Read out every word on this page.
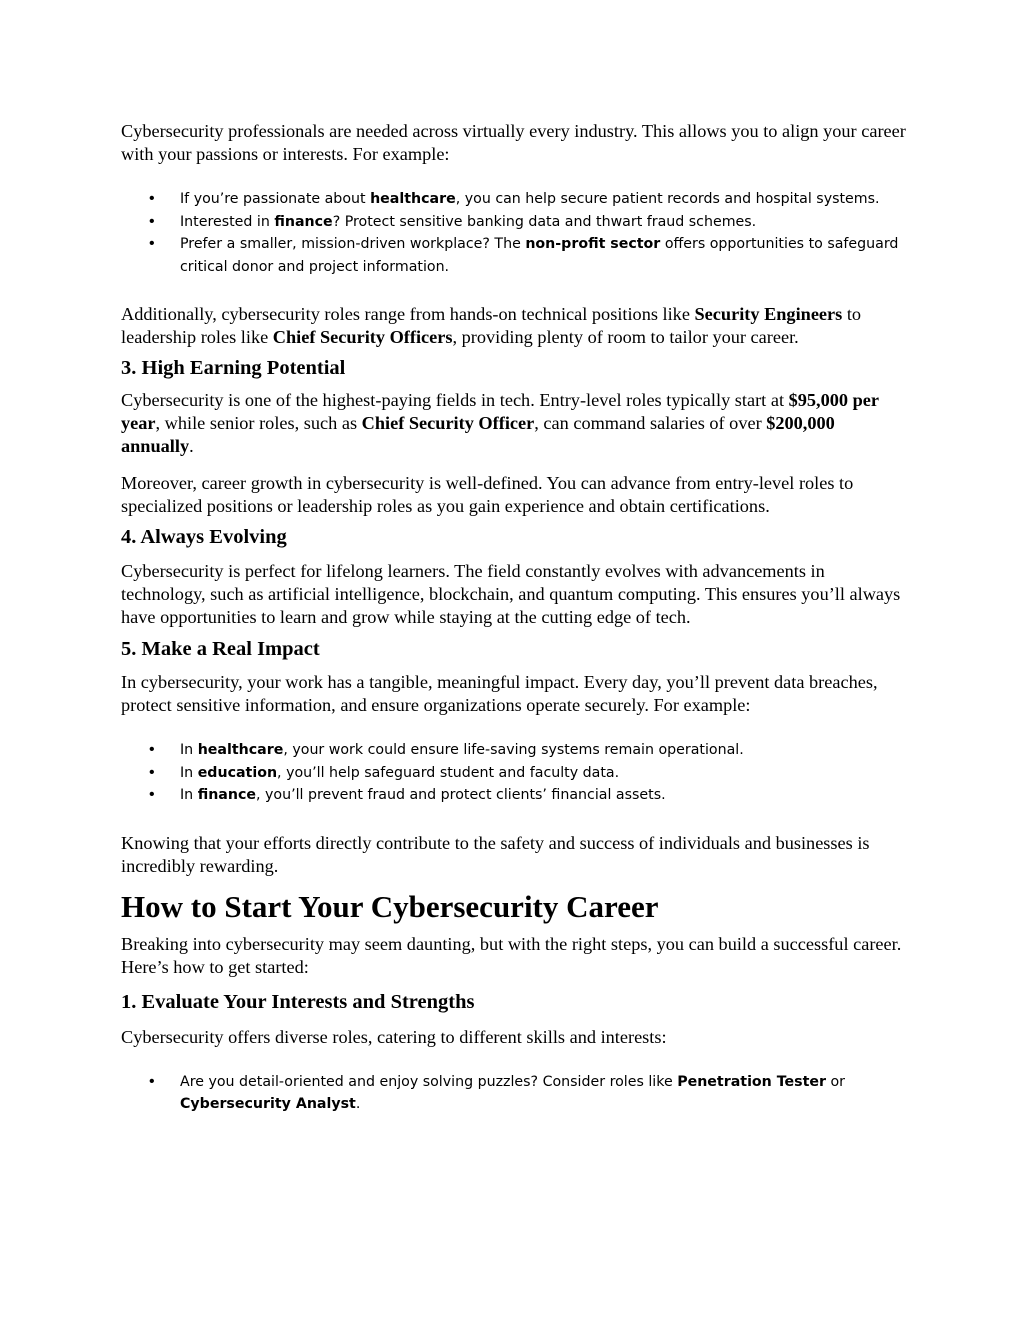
Cybersecurity professionals are needed across virtually every industry. This allows you to align your career with your passions or interests. For example:

• If you’re passionate about healthcare, you can help secure patient records and hospital systems.
• Interested in finance? Protect sensitive banking data and thwart fraud schemes.
• Prefer a smaller, mission-driven workplace? The non-profit sector offers opportunities to safeguard critical donor and project information.

Additionally, cybersecurity roles range from hands-on technical positions like Security Engineers to leadership roles like Chief Security Officers, providing plenty of room to tailor your career.

3. High Earning Potential

Cybersecurity is one of the highest-paying fields in tech. Entry-level roles typically start at $95,000 per year, while senior roles, such as Chief Security Officer, can command salaries of over $200,000 annually.

Moreover, career growth in cybersecurity is well-defined. You can advance from entry-level roles to specialized positions or leadership roles as you gain experience and obtain certifications.

4. Always Evolving

Cybersecurity is perfect for lifelong learners. The field constantly evolves with advancements in technology, such as artificial intelligence, blockchain, and quantum computing. This ensures you’ll always have opportunities to learn and grow while staying at the cutting edge of tech.

5. Make a Real Impact

In cybersecurity, your work has a tangible, meaningful impact. Every day, you’ll prevent data breaches, protect sensitive information, and ensure organizations operate securely. For example:

• In healthcare, your work could ensure life-saving systems remain operational.
• In education, you’ll help safeguard student and faculty data.
• In finance, you’ll prevent fraud and protect clients’ financial assets.

Knowing that your efforts directly contribute to the safety and success of individuals and businesses is incredibly rewarding.

How to Start Your Cybersecurity Career

Breaking into cybersecurity may seem daunting, but with the right steps, you can build a successful career. Here’s how to get started:

1. Evaluate Your Interests and Strengths

Cybersecurity offers diverse roles, catering to different skills and interests:

• Are you detail-oriented and enjoy solving puzzles? Consider roles like Penetration Tester or Cybersecurity Analyst.
